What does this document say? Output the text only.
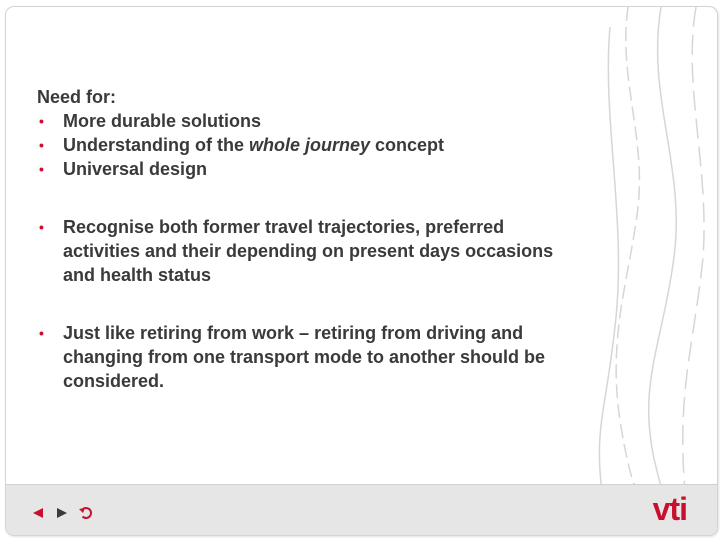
Need for:

• More durable solutions
• Understanding of the whole journey concept
• Universal design
• Recognise both former travel trajectories, preferred
activities and their depending on present days occasions
and health status
• Just like retiring from work – retiring from driving and
changing from one transport mode to another should be
considered.
vti
